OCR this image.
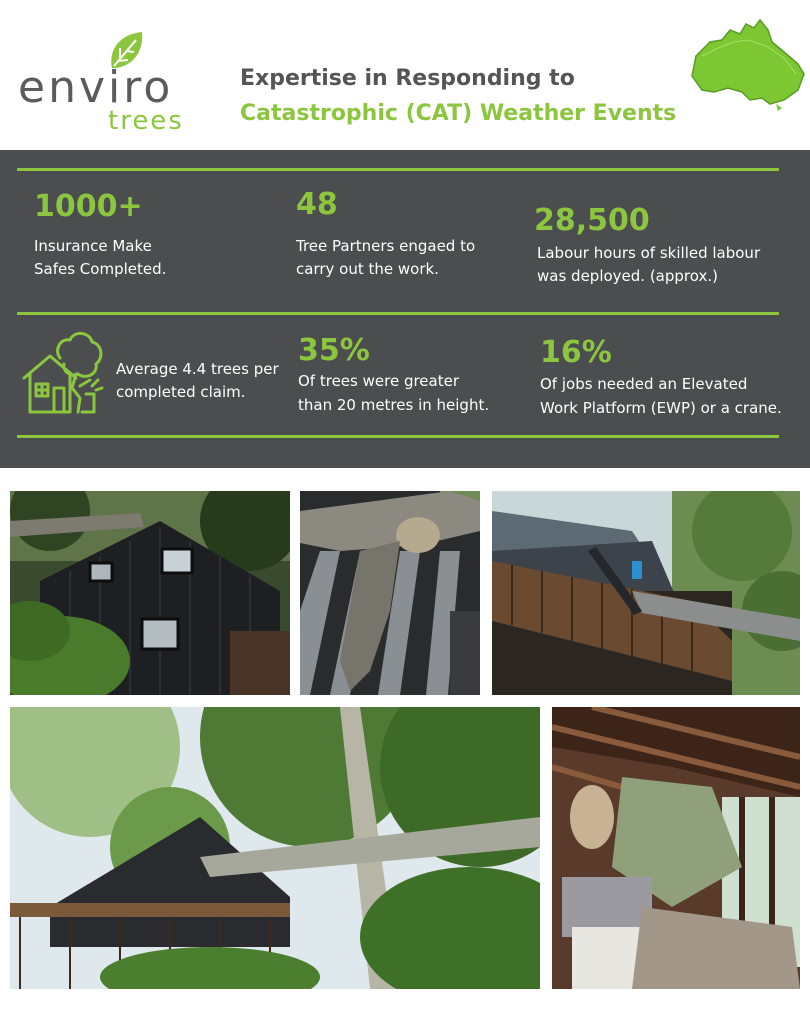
enviro
trees
Expertise in Responding to
Catastrophic (CAT) Weather Events
1000+
Insurance Make
Safes Completed.
48
Tree Partners engaed to
carry out the work.
28,500
Labour hours of skilled labour
was deployed. (approx.)
Average 4.4 trees per
completed claim.
35%
Of trees were greater
than 20 metres in height.
16%
Of jobs needed an Elevated
Work Platform (EWP) or a crane.
